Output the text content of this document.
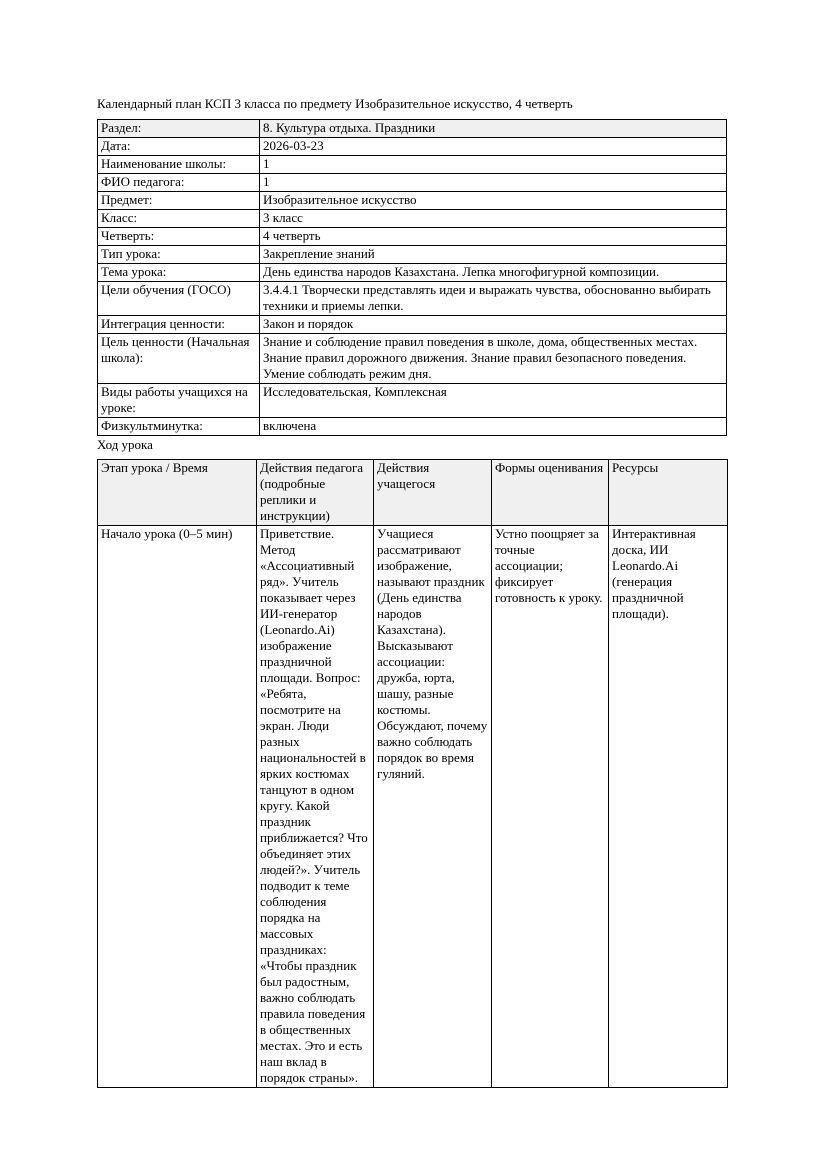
Календарный план КСП 3 класса по предмету Изобразительное искусство, 4 четверть

Раздел:	8. Культура отдыха. Праздники
Дата:	2026-03-23
Наименование школы:	1
ФИО педагога:	1
Предмет:	Изобразительное искусство
Класс:	3 класс
Четверть:	4 четверть
Тип урока:	Закрепление знаний
Тема урока:	День единства народов Казахстана. Лепка многофигурной композиции.
Цели обучения (ГОСО)	3.4.4.1 Творчески представлять идеи и выражать чувства, обоснованно выбирать техники и приемы лепки.
Интеграция ценности:	Закон и порядок
Цель ценности (Начальная школа):	Знание и соблюдение правил поведения в школе, дома, общественных местах. Знание правил дорожного движения. Знание правил безопасного поведения. Умение соблюдать режим дня.
Виды работы учащихся на уроке:	Исследовательская, Комплексная
Физкультминутка:	включена

Ход урока

Этап урока / Время	Действия педагога (подробные реплики и инструкции)	Действия учащегося	Формы оценивания	Ресурсы
Начало урока (0–5 мин)	Приветствие. Метод «Ассоциативный ряд». Учитель показывает через ИИ-генератор (Leonardo.Ai) изображение праздничной площади. Вопрос: «Ребята, посмотрите на экран. Люди разных национальностей в ярких костюмах танцуют в одном кругу. Какой праздник приближается? Что объединяет этих людей?». Учитель подводит к теме соблюдения порядка на массовых праздниках: «Чтобы праздник был радостным, важно соблюдать правила поведения в общественных местах. Это и есть наш вклад в порядок страны».	Учащиеся рассматривают изображение, называют праздник (День единства народов Казахстана). Высказывают ассоциации: дружба, юрта, шашу, разные костюмы. Обсуждают, почему важно соблюдать порядок во время гуляний.	Устно поощряет за точные ассоциации; фиксирует готовность к уроку.	Интерактивная доска, ИИ Leonardo.Ai (генерация праздничной площади).
